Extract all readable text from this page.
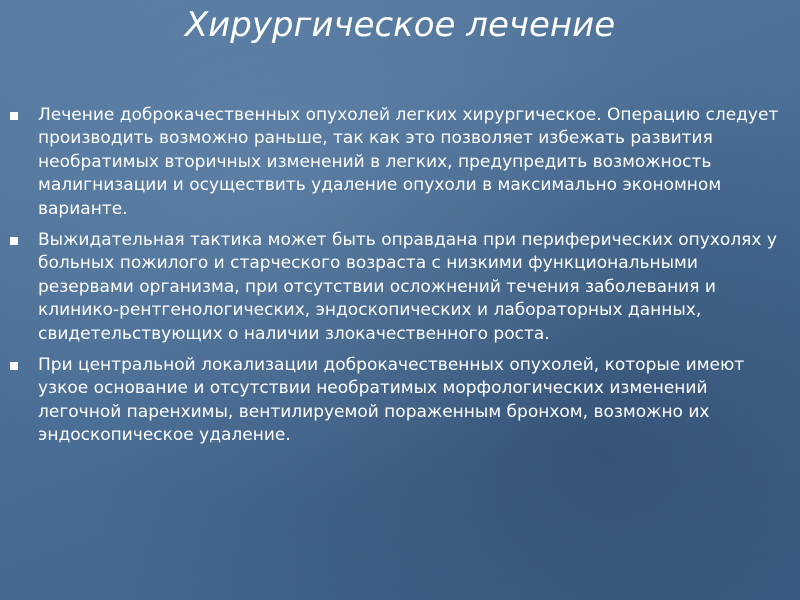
Хирургическое лечение
Лечение доброкачественных опухолей легких хирургическое. Операцию следует производить возможно раньше, так как это позволяет избежать развития необратимых вторичных изменений в легких, предупредить возможность малигнизации и осуществить удаление опухоли в максимально экономном варианте.
Выжидательная тактика может быть оправдана при периферических опухолях у больных пожилого и старческого возраста с низкими функциональными резервами организма, при отсутствии осложнений течения заболевания и клинико-рентгенологических, эндоскопических и лабораторных данных, свидетельствующих о наличии злокачественного роста.
При центральной локализации доброкачественных опухолей, которые имеют узкое основание и отсутствии необратимых морфологических изменений легочной паренхимы, вентилируемой пораженным бронхом, возможно их эндоскопическое удаление.
